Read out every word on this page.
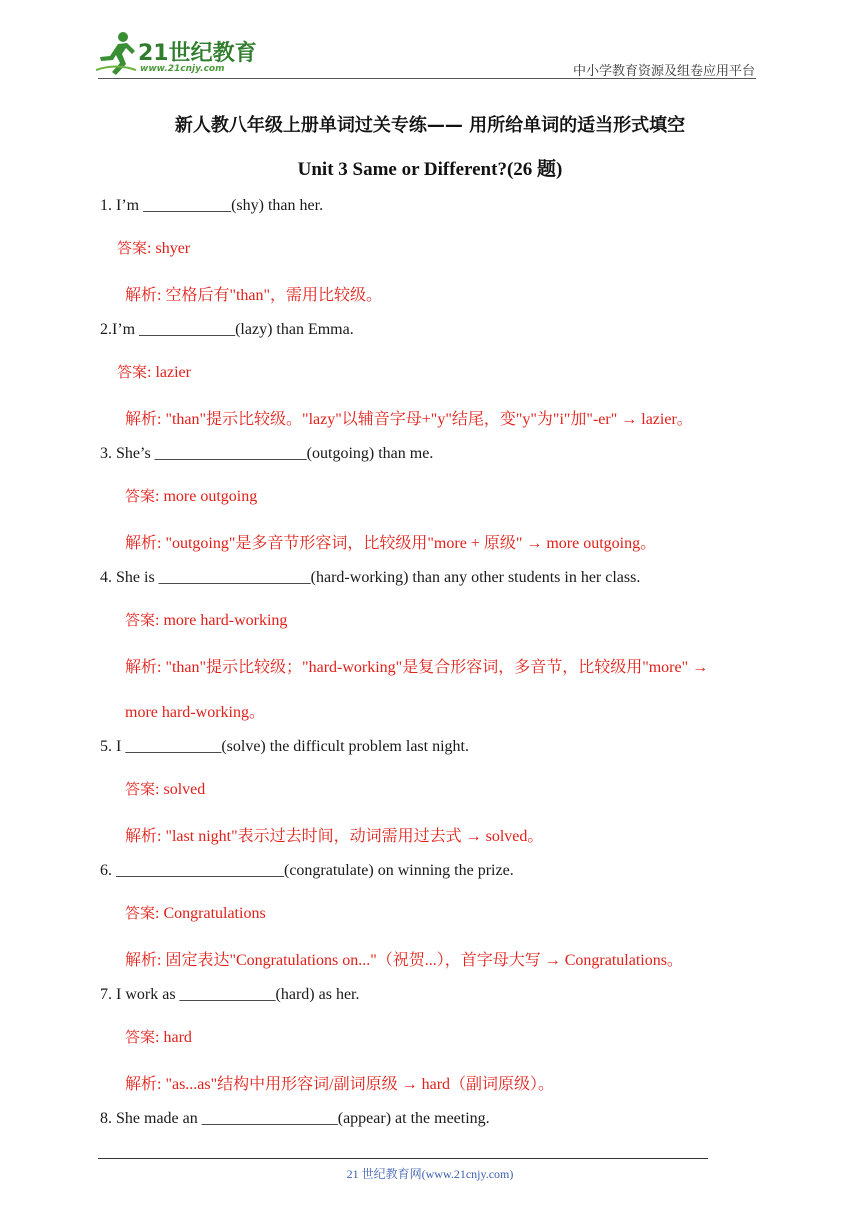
21世纪教育
www.21cnjy.com	中小学教育资源及组卷应用平台
新人教八年级上册单词过关专练—— 用所给单词的适当形式填空
Unit 3 Same or Different?(26 题)
1. I’m ___________(shy) than her.
答案: shyer
解析: 空格后有"than"，需用比较级。
2.I’m ____________(lazy) than Emma.
答案: lazier
解析: "than"提示比较级。"lazy"以辅音字母+"y"结尾，变"y"为"i"加"-er" → lazier。
3. She’s ___________________(outgoing) than me.
答案: more outgoing
解析: "outgoing"是多音节形容词，比较级用"more + 原级" → more outgoing。
4. She is ___________________(hard-working) than any other students in her class.
答案: more hard-working
解析: "than"提示比较级；"hard-working"是复合形容词，多音节，比较级用"more" →
more hard-working。
5. I ____________(solve) the difficult problem last night.
答案: solved
解析: "last night"表示过去时间，动词需用过去式 → solved。
6. _____________________(congratulate) on winning the prize.
答案: Congratulations
解析: 固定表达"Congratulations on..."（祝贺...），首字母大写 → Congratulations。
7. I work as ____________(hard) as her.
答案: hard
解析: "as...as"结构中用形容词/副词原级 → hard（副词原级）。
8. She made an _________________(appear) at the meeting.
21 世纪教育网(www.21cnjy.com)
